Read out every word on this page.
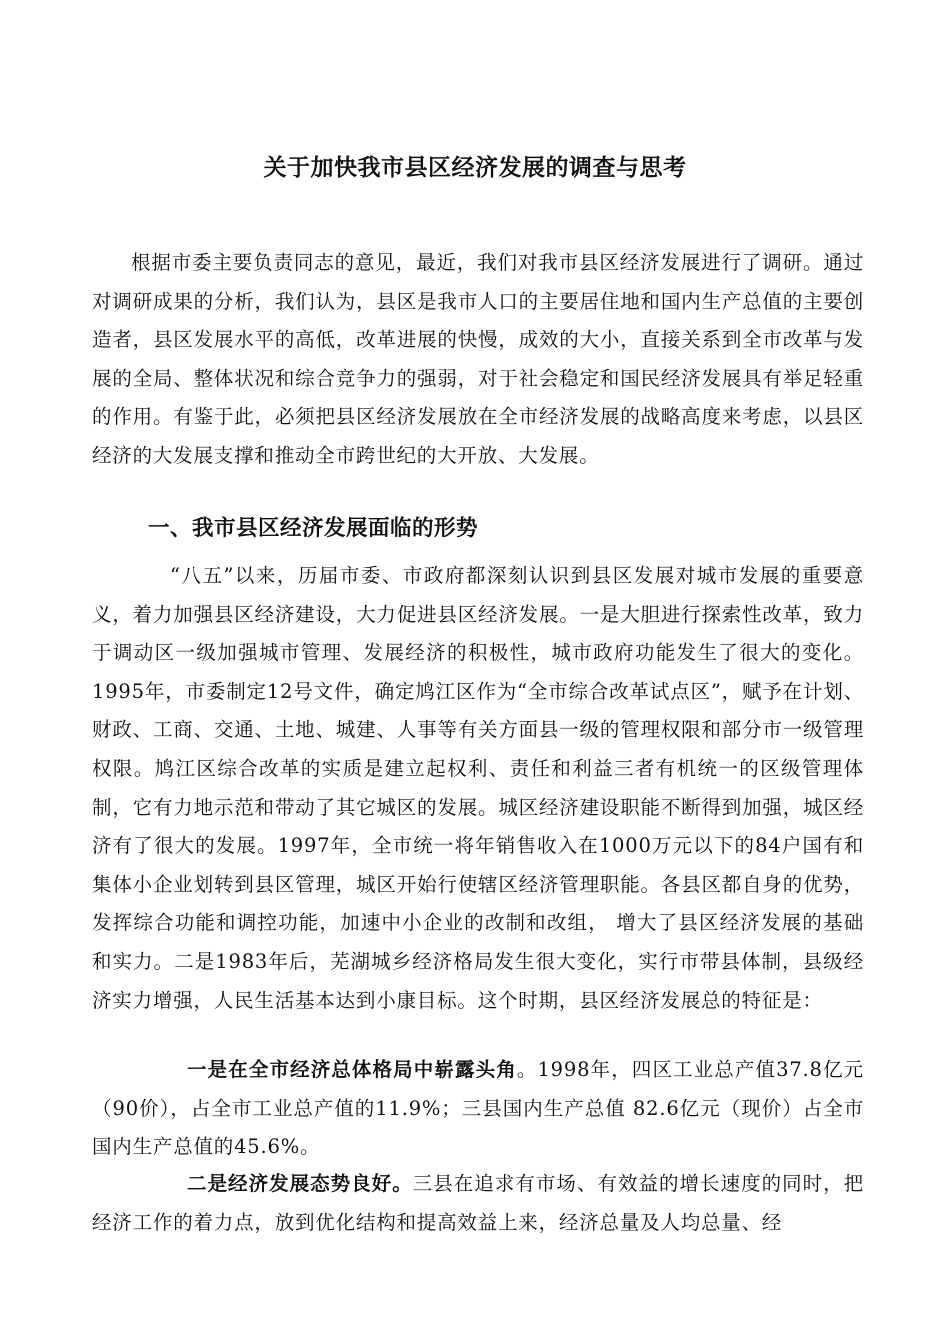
关于加快我市县区经济发展的调查与思考
根据市委主要负责同志的意见，最近，我们对我市县区经济发展进行了调研。通过对调研成果的分析，我们认为，县区是我市人口的主要居住地和国内生产总值的主要创造者，县区发展水平的高低，改革进展的快慢，成效的大小，直接关系到全市改革与发展的全局、整体状况和综合竞争力的强弱，对于社会稳定和国民经济发展具有举足轻重的作用。有鉴于此，必须把县区经济发展放在全市经济发展的战略高度来考虑，以县区经济的大发展支撑和推动全市跨世纪的大开放、大发展。
一、我市县区经济发展面临的形势
“八五”以来，历届市委、市政府都深刻认识到县区发展对城市发展的重要意义，着力加强县区经济建设，大力促进县区经济发展。一是大胆进行探索性改革，致力于调动区一级加强城市管理、发展经济的积极性，城市政府功能发生了很大的变化。1995年，市委制定12号文件，确定鸠江区作为“全市综合改革试点区”，赋予在计划、财政、工商、交通、土地、城建、人事等有关方面县一级的管理权限和部分市一级管理权限。鸠江区综合改革的实质是建立起权利、责任和利益三者有机统一的区级管理体制，它有力地示范和带动了其它城区的发展。城区经济建设职能不断得到加强，城区经济有了很大的发展。1997年，全市统一将年销售收入在1000万元以下的84户国有和集体小企业划转到县区管理，城区开始行使辖区经济管理职能。各县区都自身的优势，发挥综合功能和调控功能，加速中小企业的改制和改组， 增大了县区经济发展的基础和实力。二是1983年后，芜湖城乡经济格局发生很大变化，实行市带县体制，县级经济实力增强，人民生活基本达到小康目标。这个时期，县区经济发展总的特征是：
一是在全市经济总体格局中崭露头角。1998年，四区工业总产值37.8亿元（90价），占全市工业总产值的11.9%；三县国内生产总值 82.6亿元（现价）占全市国内生产总值的45.6%。
二是经济发展态势良好。三县在追求有市场、有效益的增长速度的同时，把经济工作的着力点，放到优化结构和提高效益上来，经济总量及人均总量、经
